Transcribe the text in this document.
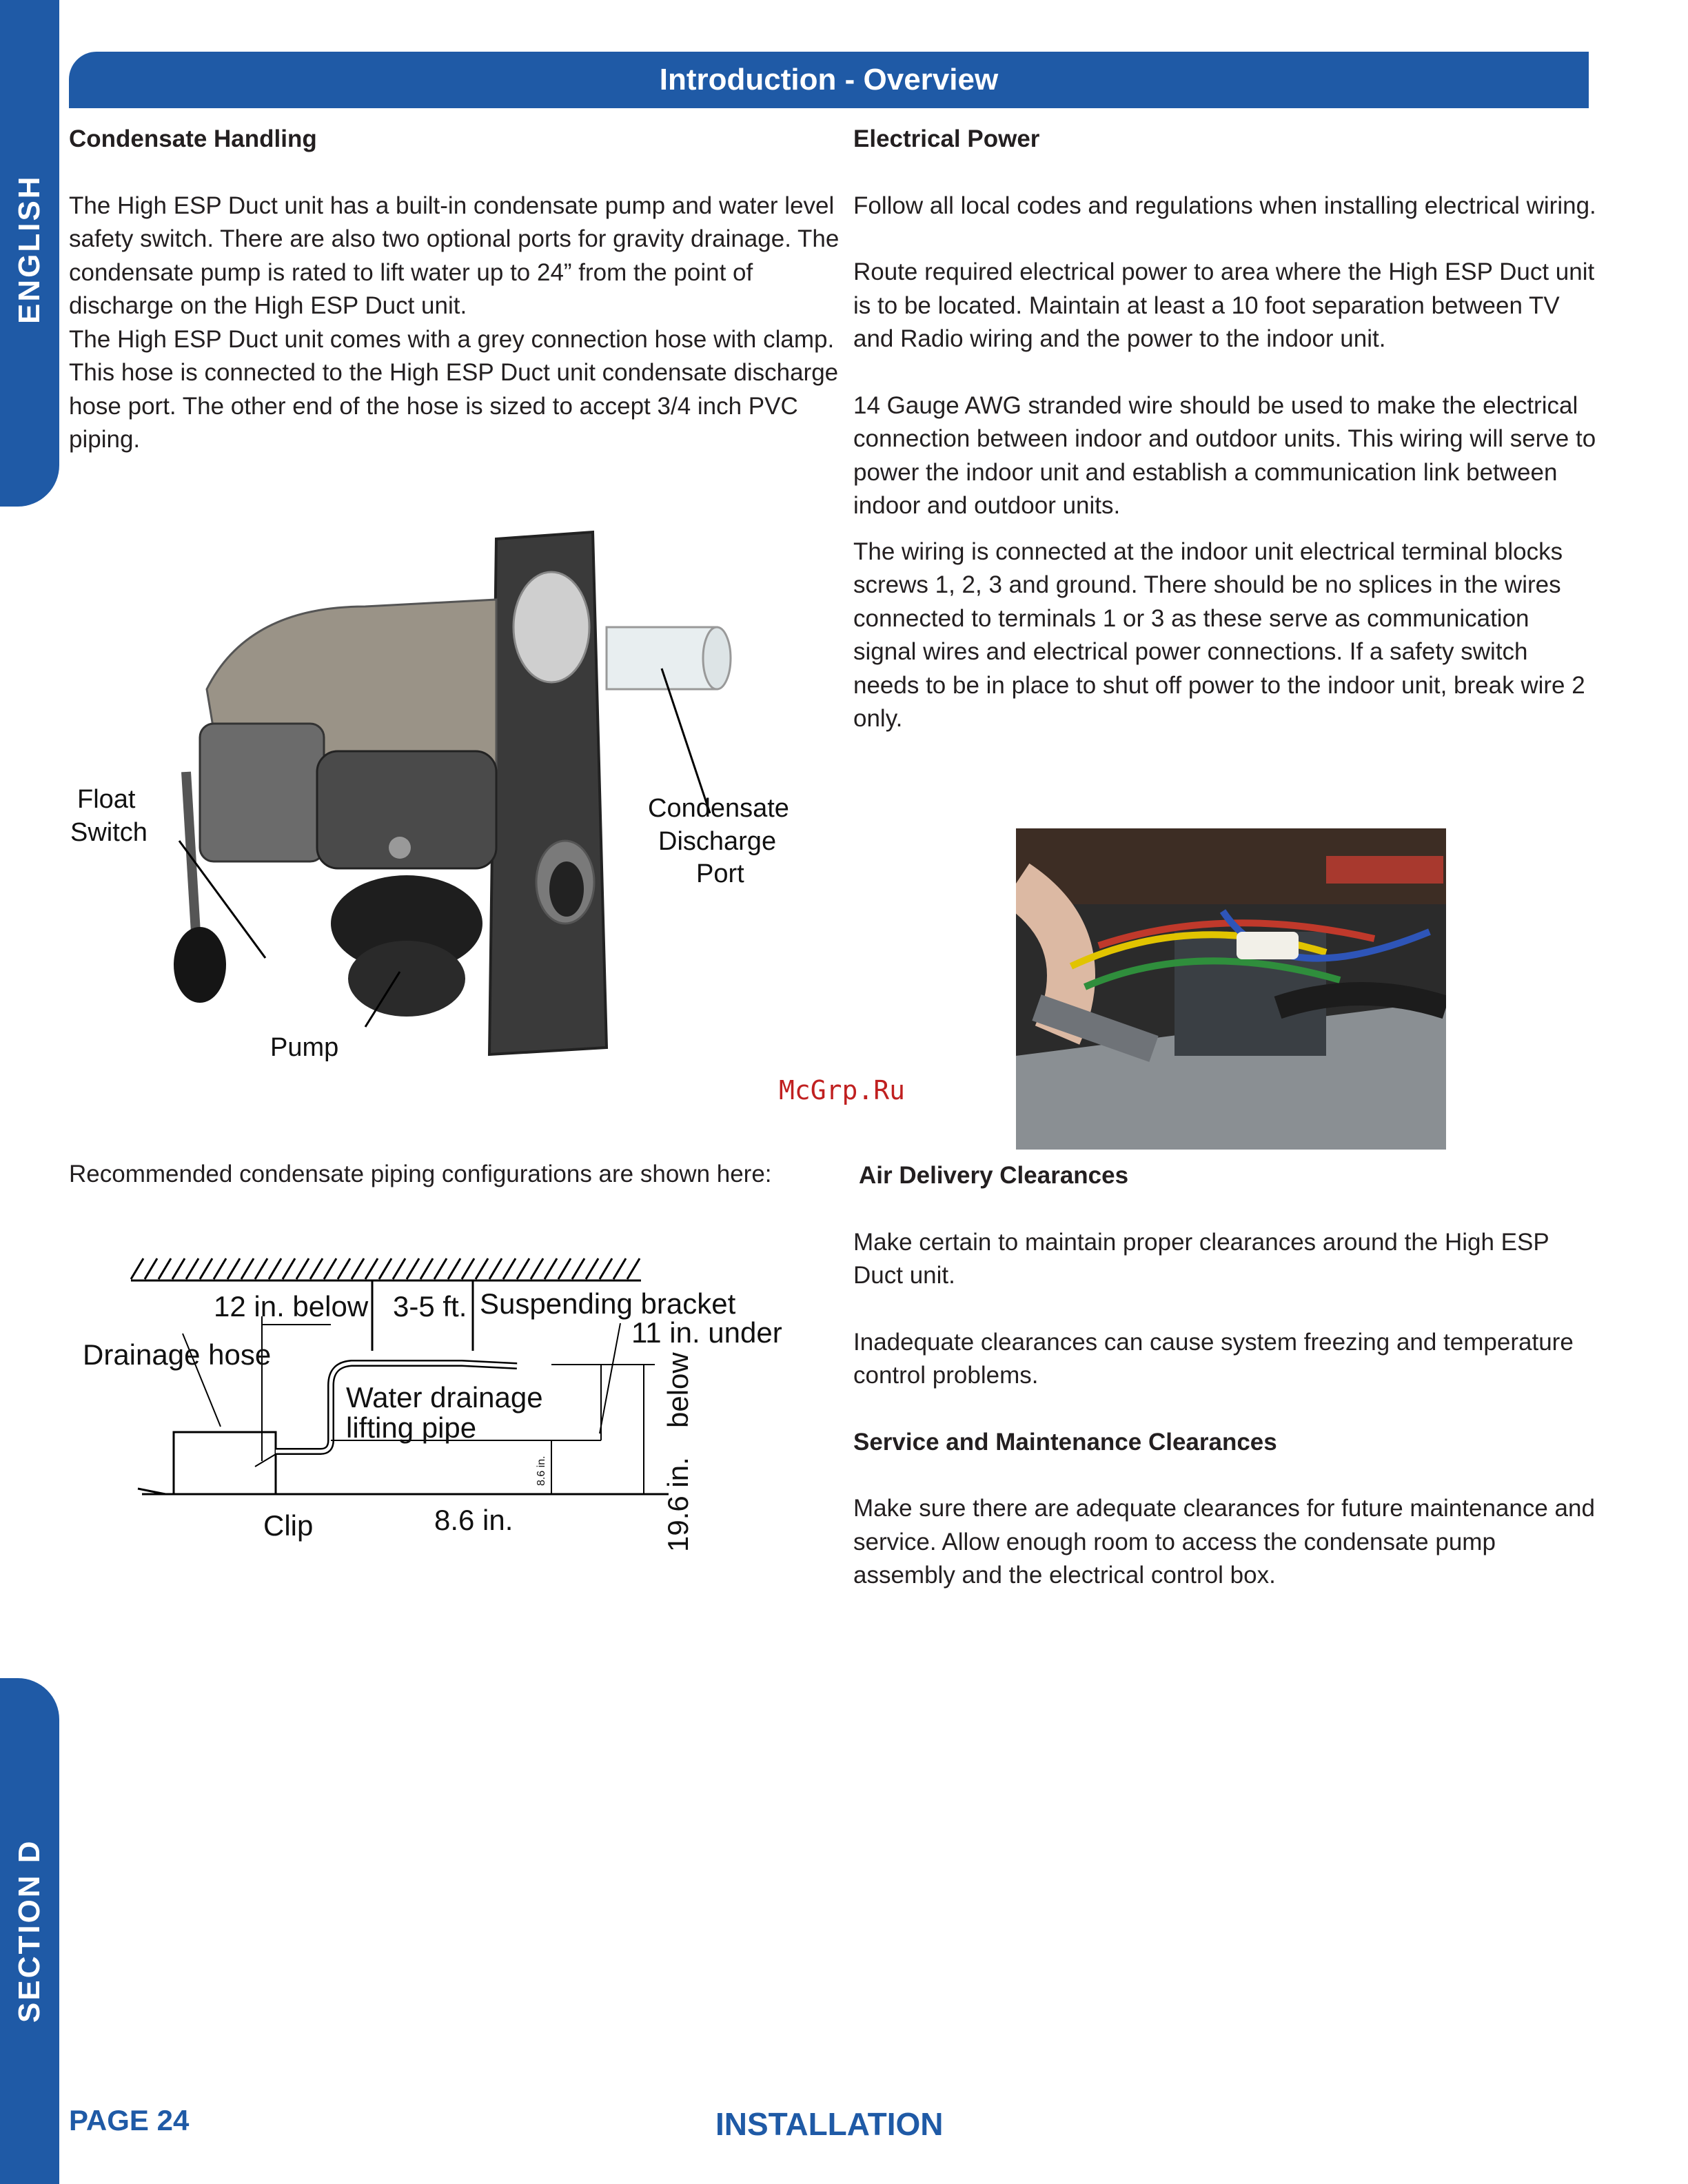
ENGLISH
SECTION D
Introduction - Overview

Condensate Handling

The High ESP Duct unit has a built-in condensate pump and water level safety switch. There are also two optional ports for gravity drainage. The condensate pump is rated to lift water up to 24” from the point of discharge on the High ESP Duct unit.

The High ESP Duct unit comes with a grey connection hose with clamp. This hose is connected to the High ESP Duct unit condensate discharge hose port. The other end of the hose is sized to accept 3/4 inch PVC piping.

Float
Switch
Condensate
Discharge
Port
Pump
Recommended condensate piping configurations are shown here:
12 in. below 3-5 ft. Suspending bracket
11 in. under
Drainage hose
Water drainage
lifting pipe
Clip	8.6 in.
8.6 in.
below
19.6 in.

Electrical Power

Follow all local codes and regulations when installing electrical wiring.

Route required electrical power to area where the High ESP Duct unit is to be located. Maintain at least a 10 foot separation between TV and Radio wiring and the power to the indoor unit.

14 Gauge AWG stranded wire should be used to make the electrical connection between indoor and outdoor units. This wiring will serve to power the indoor unit and establish a communication link between indoor and outdoor units.

The wiring is connected at the indoor unit electrical terminal blocks screws 1, 2, 3 and ground. There should be no splices in the wires connected to terminals 1 or 3 as these serve as communication signal wires and electrical power connections. If a safety switch needs to be in place to shut off power to the indoor unit, break wire 2 only.

McGrp.Ru

Air Delivery Clearances

Make certain to maintain proper clearances around the High ESP Duct unit.

Inadequate clearances can cause system freezing and temperature control problems.

Service and Maintenance Clearances

Make sure there are adequate clearances for future maintenance and service. Allow enough room to access the condensate pump assembly and the electrical control box.

PAGE 24	INSTALLATION
